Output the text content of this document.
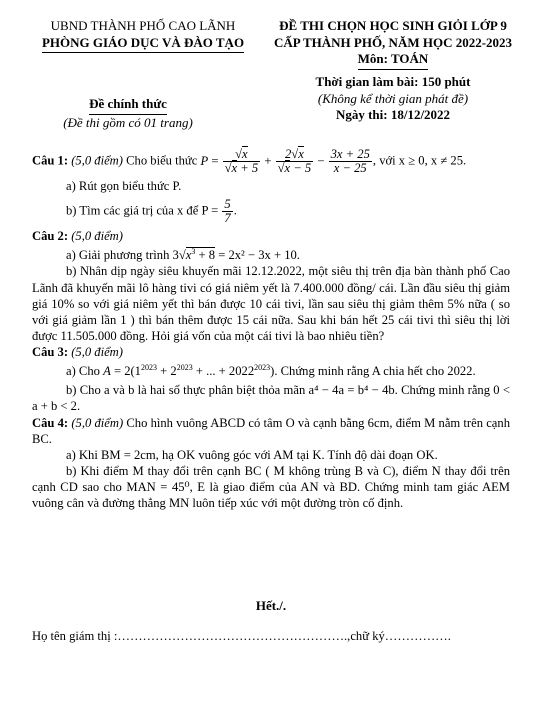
UBND THÀNH PHỐ CAO LÃNH
PHÒNG GIÁO DỤC VÀ ĐÀO TẠO
ĐỀ THI CHỌN HỌC SINH GIỎI LỚP 9
CẤP THÀNH PHỐ, NĂM HỌC 2022-2023
Môn: TOÁN
Thời gian làm bài: 150 phút
(Không kể thời gian phát đề)
Ngày thi: 18/12/2022
Đề chính thức
(Đề thi gồm có 01 trang)

Câu 1: (5,0 điểm) Cho biểu thức $P = \frac{√x}{√x + 5} + \frac{2√x}{√x - 5} - \frac{3x + 25}{x - 25}$ , với x ≥ 0, x ≠ 25.

a) Rút gọn biểu thức P.

b) Tìm các giá trị của x để $P = \frac{5}{7}$ .

Câu 2: (5,0 điểm)

a) Giải phương trình $3√x^3 + 8 = 2x^2 - 3x + 10$.

b) Nhân dịp ngày siêu khuyến mãi 12.12.2022, một siêu thị trên địa bàn thành phố Cao Lãnh đã khuyến mãi lô hàng tivi có giá niêm yết là 7.400.000 đồng/ cái. Lần đầu siêu thị giảm giá 10% so với giá niêm yết thì bán được 10 cái tivi, lần sau siêu thị giảm thêm 5% nữa ( so với giá giảm lần 1 ) thì bán thêm được 15 cái nữa. Sau khi bán hết 25 cái tivi thì siêu thị lời được 11.505.000 đồng. Hỏi giá vốn của một cái tivi là bao nhiêu tiền?

Câu 3: (5,0 điểm)

a) Cho $A = 2(1^{2023} + 2^{2023}$ + ... + $2022^{2023}$). Chứng minh rằng A chia hết cho 2022.

b) Cho a và b là hai số thực phân biệt thỏa mãn a⁴ − 4a = b⁴ − 4b. Chứng minh rằng 0 < a + b < 2.

Câu 4: (5,0 điểm) Cho hình vuông ABCD có tâm O và cạnh bằng 6cm, điểm M nằm trên cạnh BC.

a) Khi BM = 2cm, hạ OK vuông góc với AM tại K. Tính độ dài đoạn OK.

b) Khi điểm M thay đổi trên cạnh BC ( M không trùng B và C), điểm N thay đổi trên cạnh CD sao cho MAN = 45⁰, E là giao điểm của AN và BD. Chứng minh tam giác AEM vuông cân và đường thẳng MN luôn tiếp xúc với một đường tròn cố định.

Hết./.
Họ tên giám thị :……………………………………………….,chữ ký…………….
